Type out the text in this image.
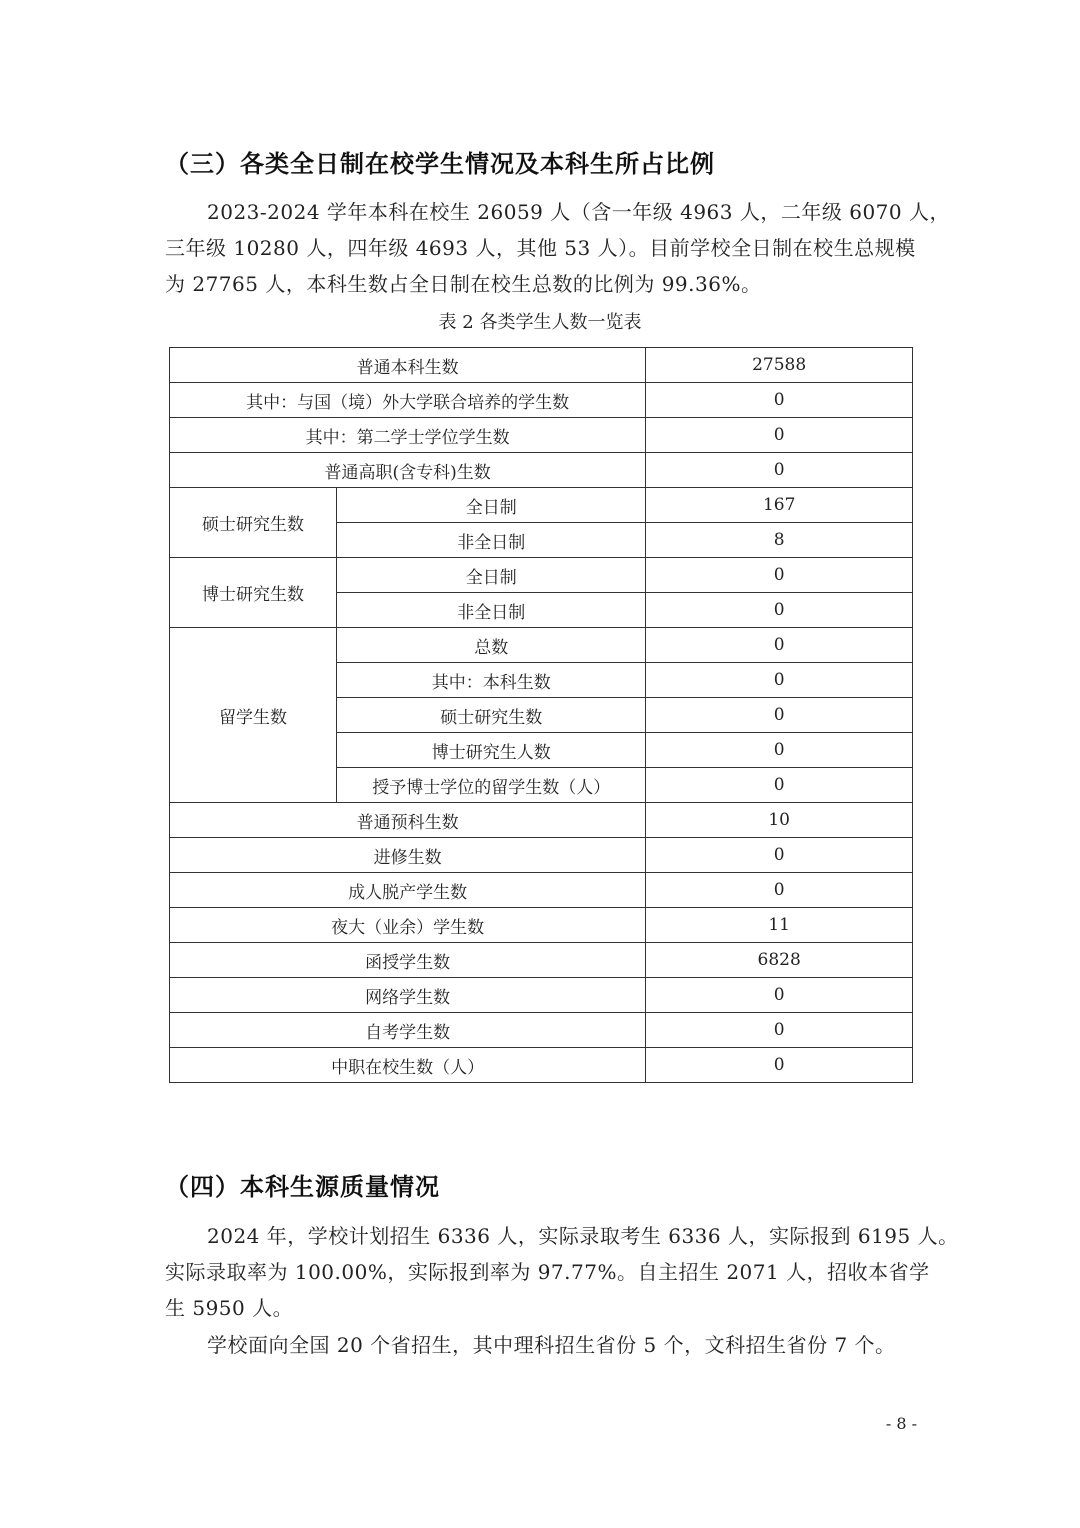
（三）各类全日制在校学生情况及本科生所占比例
2023-2024 学年本科在校生 26059 人（含一年级 4963 人，二年级 6070 人，
三年级 10280 人，四年级 4693 人，其他 53 人）。目前学校全日制在校生总规模
为 27765 人，本科生数占全日制在校生总数的比例为 99.36%。
表 2 各类学生人数一览表
普通本科生数		27588
其中：与国（境）外大学联合培养的学生数		0
其中：第二学士学位学生数		0
普通高职(含专科)生数		0
硕士研究生数	全日制	167
	非全日制	8
博士研究生数	全日制	0
	非全日制	0
留学生数	总数	0
	其中：本科生数	0
	硕士研究生数	0
	博士研究生人数	0
	授予博士学位的留学生数（人）	0
普通预科生数		10
进修生数		0
成人脱产学生数		0
夜大（业余）学生数		11
函授学生数		6828
网络学生数		0
自考学生数		0
中职在校生数（人）		0
（四）本科生源质量情况
2024 年，学校计划招生 6336 人，实际录取考生 6336 人，实际报到 6195 人。
实际录取率为 100.00%，实际报到率为 97.77%。自主招生 2071 人，招收本省学
生 5950 人。
学校面向全国 20 个省招生，其中理科招生省份 5 个，文科招生省份 7 个。
- 8 -
